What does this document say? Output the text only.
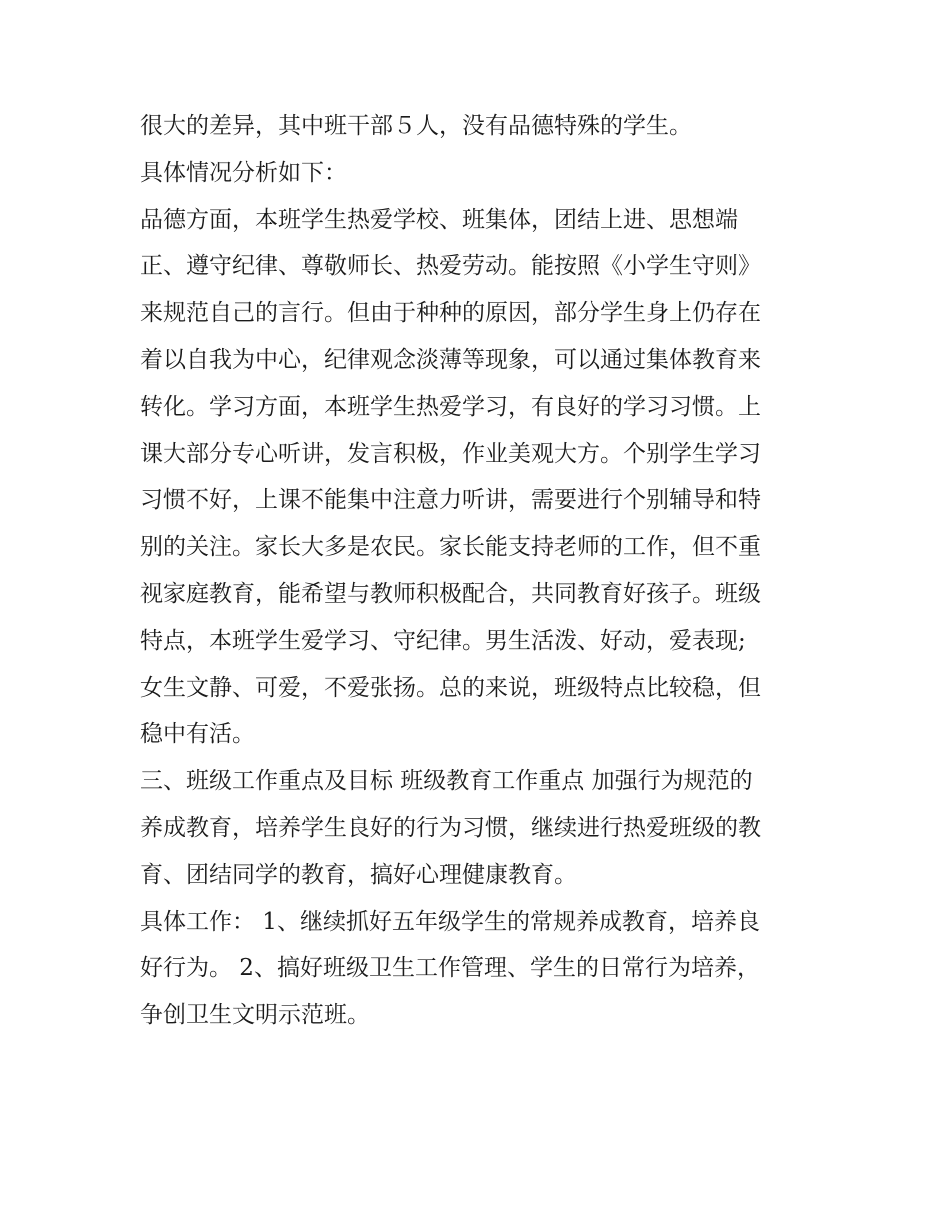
很大的差异，其中班干部５人，没有品德特殊的学生。
具体情况分析如下：
品德方面，本班学生热爱学校、班集体，团结上进、思想端
正、遵守纪律、尊敬师长、热爱劳动。能按照《小学生守则》
来规范自己的言行。但由于种种的原因，部分学生身上仍存在
着以自我为中心，纪律观念淡薄等现象，可以通过集体教育来
转化。学习方面，本班学生热爱学习，有良好的学习习惯。上
课大部分专心听讲，发言积极，作业美观大方。个别学生学习
习惯不好，上课不能集中注意力听讲，需要进行个别辅导和特
别的关注。家长大多是农民。家长能支持老师的工作，但不重
视家庭教育，能希望与教师积极配合，共同教育好孩子。班级
特点，本班学生爱学习、守纪律。男生活泼、好动，爱表现;
女生文静、可爱，不爱张扬。总的来说，班级特点比较稳，但
稳中有活。
三、班级工作重点及目标 班级教育工作重点 加强行为规范的
养成教育，培养学生良好的行为习惯，继续进行热爱班级的教
育、团结同学的教育，搞好心理健康教育。
具体工作： 1、继续抓好五年级学生的常规养成教育，培养良
好行为。 2、搞好班级卫生工作管理、学生的日常行为培养，
争创卫生文明示范班。
